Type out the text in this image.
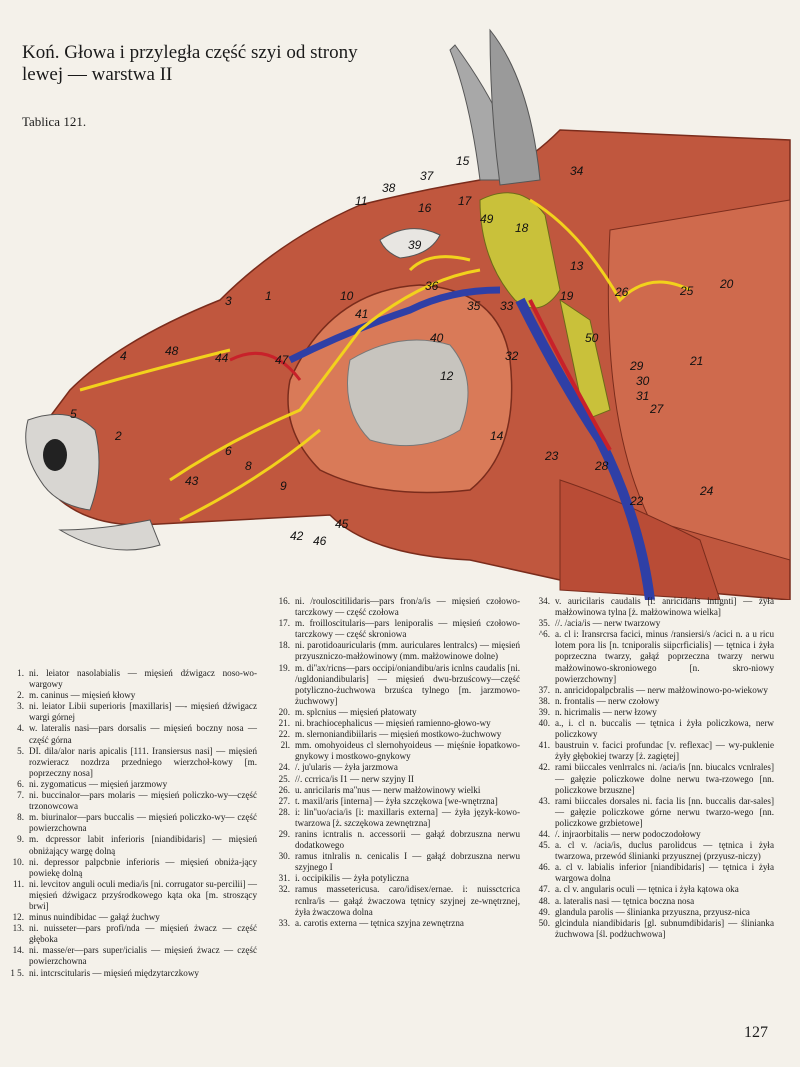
Koń. Głowa i przyległa część szyi od strony
lewej — warstwa II
Tablica 121.
1
2
3
4
5
6
8
9
10
11
12
13
14
15
16 17
18
19
20
21
22
23
24
25
26
27
28
29
30
31
32
33
34
35
36
37
38
39
40
41
42
43
44
45
46
47
48
49
50
1. ni. leiator nasolabialis — mięsień dźwigacz noso-wo-wargowy
2. m. caninus — mięsień kłowy
3. ni. leiator Libii superioris [maxillaris] —- mięsień dźwigacz wargi górnej
4. w. lateralis nasi—pars dorsalis — mięsień boczny nosa — część górna
5. DI. dila/alor naris apicalis [111. Iransiersus nasi] — mięsień rozwieracz nozdrza przedniego wierzchoł-kowy [m. poprzeczny nosa]
6. ni. zygomaticus — mięsień jarzmowy
7. ni. buccinalor—pars molaris — mięsień policzko-wy—część trzonowcowa
8. m. biurinalor—pars buccalis — mięsień policzko-wy— część powierzchowna
9. m. dcpressor labit inferioris [niandibidaris] — mięsień obniżający wargę dolną
10. ni. depressor palpcbnie inferioris — mięsień obniża-jący powiekę dolną
11. ni. levcitov anguli oculi media/is [ni. corrugator su-percilii] — mięsień dźwigacz przyśrodkowego kąta oka [m. stroszący brwi]
12. minus nuindibidac — gałąź żuchwy
13. ni. nuisseter—pars profi/nda — mięsień żwacz — część głęboka
14. ni. masse/er—pars super/icialis — mięsień żwacz — część powierzchowna
1 5. ni. intcrscitularis — mięsień międzytarczkowy
16. ni. /rouloscitilidaris—pars fron/a/is — mięsień czołowo-tarczkowy — część czołowa
17. m. froilloscitularis—pars leniporalis — mięsień czołowo-tarczkowy — część skroniowa
18. ni. parotidoauricularis (mm. auriculares lentralcs) — mięsień przyuszniczo-małżowinowy (mm. małżowinowe dolne)
19. m. di''ax/ricns—pars occipi/oniandibu/aris icnlns caudalis [ni. /ugldoniandibularis] — mięsień dwu-brzuścowy—część potyliczno-żuchwowa brzuśca tylnego [m. jarzmowo-żuchwowy]
20. m. splcnius — mięsień płatowaty
21. ni. brachiocephalicus — mięsień ramienno-głowo-wy
22. m. slernoniandibiilaris — mięsień mostkowo-żuchwowy
2l. mm. omohyoideus cl slernohyoideus — mięśnie łopatkowo-gnykowy i mostkowo-gnykowy
24. /. ju'ularis — żyła jarzmowa
25. //. ccrrica/is I1 — nerw szyjny II
26. u. anricilaris ma''nus — nerw małżowinowy wielki
27. t. maxil/aris [interna] — żyła szczękowa [we-wnętrzna]
28. i: lin''uo/acia/is [i: maxillaris externa] — żyła język-kowo-twarzowa [ż. szczękowa zewnętrzna]
29. ranins icntralis n. accessorii — gałąź dobrzuszna nerwu dodatkowego
30. ramus itnlralis n. cenicalis I — gałąź dobrzuszna nerwu szyjnego I
31. i. occipikilis — żyła potyliczna
32. ramus massetericusa. caro/idisex/ernae. i: nuissctcrica rcnlra/is — gałąź żwaczowa tętnicy szyjnej ze-wnętrznej, żyła żwaczowa dolna
33. a. carotis externa — tętnica szyjna zewnętrzna
34. v. auricilaris caudalis [i: anricidaris intignti] — żyła małżowinowa tylna [ż. małżowinowa wielka]
35. //. /acia/is — nerw twarzowy
^6. a. cl i: Iransrcrsa facici, minus /ransiersi/s /acici n. a u ricu lotem pora lis [n. tcniporalis siipcrficialis] — tętnica i żyła poprzeczna twarzy, gałąź poprzeczna twarzy nerwu małżowinowo-skroniowego [n. skro-niowy powierzchowny]
37. n. anricidopalpcbralis — nerw małżowinowo-po-wiekowy
38. n. frontalis — nerw czołowy
39. n. hicrimalis — nerw łzowy
40. a., i. cl n. buccalis — tętnica i żyła policzkowa, nerw policzkowy
41. baustruin v. facici profundac [v. reflexac] — wy-puklenie żyły głębokiej twarzy [ż. zagiętej]
42. rami biiccales venlrralcs ni. /acia/is [nn. biucalcs vcnlrales] — gałęzie policzkowe dolne nerwu twa-rzowego [nn. policzkowe brzuszne]
43. rami biiccales dorsales ni. facia lis [nn. buccalis dar-sales] — gałęzie policzkowe górne nerwu twarzo-wego [nn. policzkowe grzbietowe]
44. /. injraorbitalis — nerw podoczodołowy
45. a. cl v. /acia/is, duclus parolidcus — tętnica i żyła twarzowa, przewód ślinianki przyusznej (przyusz-niczy)
46. a. cl v. labialis inferior [niandibidaris] — tętnica i żyła wargowa dolna
47. a. cl v. angularis oculi — tętnica i żyła kątowa oka
48. a. lateralis nasi — tętnica boczna nosa
49. glandula parolis — ślinianka przyuszna, przyusz-nica
50. glcindula niandibidaris [gl. subnumdibidaris] — ślinianka żuchwowa [śl. podżuchwowa]
127
